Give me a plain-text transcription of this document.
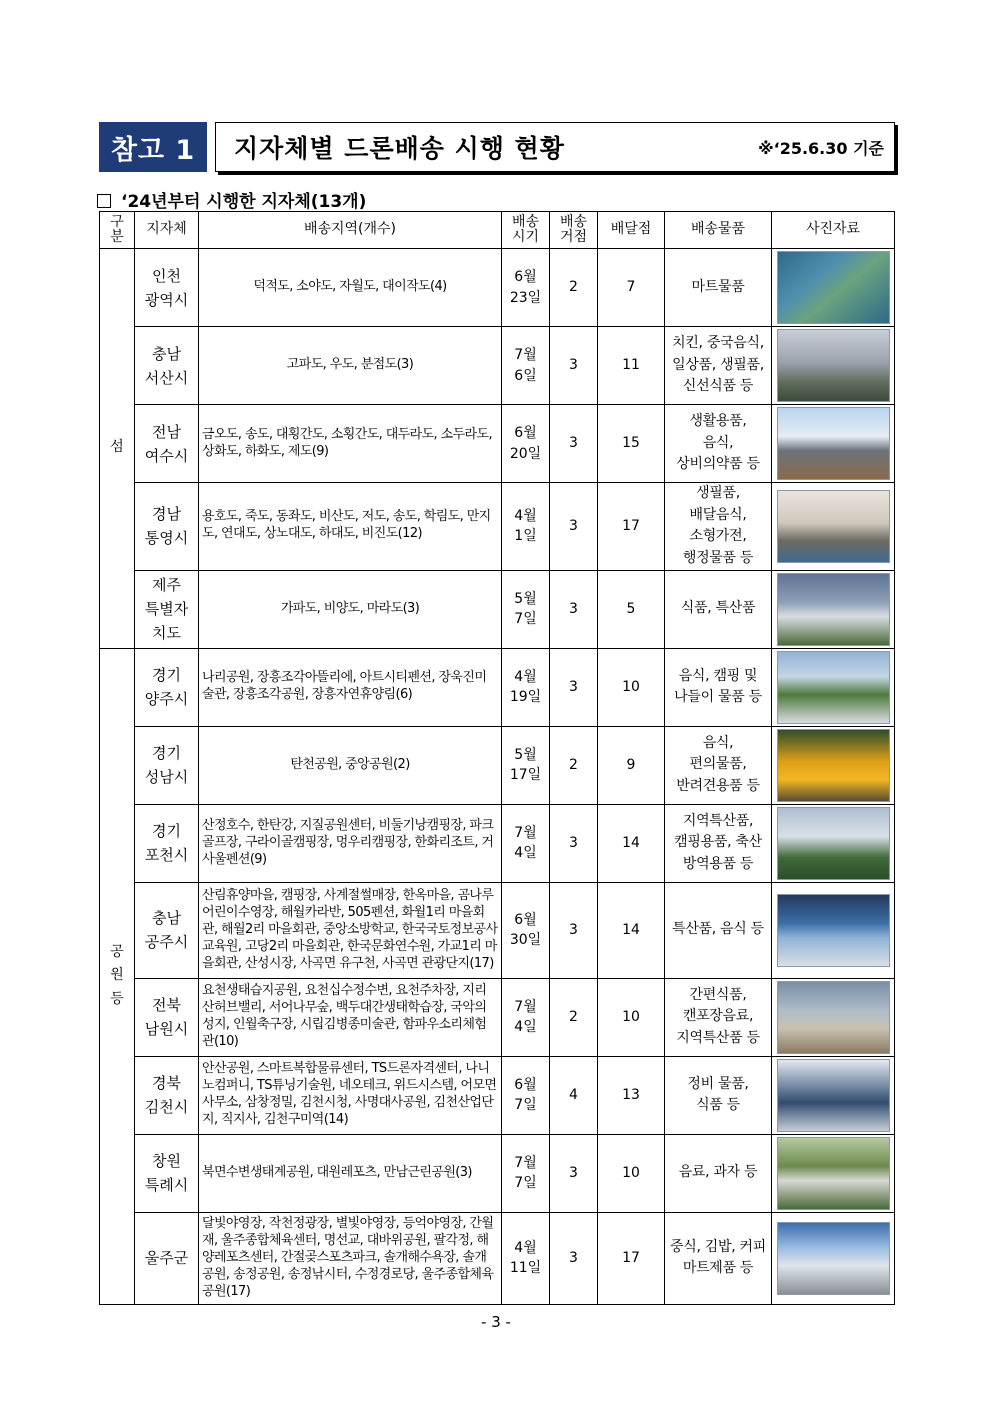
참고 1	지자체별 드론배송 시행 현황	※‘25.6.30 기준
‘24년부터 시행한 지자체(13개)
구
분	지자체	배송지역(개수)	배송
시기	배송
거점	배달점	배송물품	사진자료
섬	인천
광역시	덕적도, 소야도, 자월도, 대이작도(4)	6월
23일	2	7	마트물품	

	충남
서산시	고파도, 우도, 분점도(3)	7월
6일	3	11	치킨, 중국음식,
일상품, 생필품,
신선식품 등	

	전남
여수시	금오도, 송도, 대횡간도, 소횡간도, 대두라도, 소두라도, 상화도, 하화도, 제도(9)	6월
20일	3	15	생활용품,
음식,
상비의약품 등	

	경남
통영시	용호도, 죽도, 동좌도, 비산도, 저도, 송도, 학림도, 만지도, 연대도, 상노대도, 하대도, 비진도(12)	4월
1일	3	17	생필품,
배달음식,
소형가전,
행정물품 등	

	제주
특별자
치도	가파도, 비양도, 마라도(3)	5월
7일	3	5	식품, 특산품	

공
원
등	경기
양주시	나리공원, 장흥조각아뜰리에, 아트시티펜션, 장욱진미술관, 장흥조각공원, 장흥자연휴양림(6)	4월
19일	3	10	음식, 캠핑 및
나들이 물품 등	

	경기
성남시	탄천공원, 중앙공원(2)	5월
17일	2	9	음식,
편의물품,
반려견용품 등	

	경기
포천시	산정호수, 한탄강, 지질공원센터, 비둘기낭캠핑장, 파크골프장, 구라이골캠핑장, 멍우리캠핑장, 한화리조트, 거사울펜션(9)	7월
4일	3	14	지역특산품,
캠핑용품, 축산
방역용품 등	

	충남
공주시	산림휴양마을, 캠핑장, 사계절썰매장, 한옥마을, 곰나루 어린이수영장, 해월카라반, 505펜션, 화월1리 마을회관, 해월2리 마을회관, 중앙소방학교, 한국국토정보공사교육원, 고당2리 마을회관, 한국문화연수원, 가교1리 마을회관, 산성시장, 사곡면 유구천, 사곡면 관광단지(17)	6월
30일	3	14	특산품, 음식 등	

	전북
남원시	요천생태습지공원, 요천십수정수변, 요천주차장, 지리산허브밸리, 서어나무숲, 백두대간생태학습장, 국악의성지, 인월축구장, 시립김병종미술관, 함파우소리체험관(10)	7월
4일	2	10	간편식품,
캔포장음료,
지역특산품 등	

	경북
김천시	안산공원, 스마트복합물류센터, TS드론자격센터, 나니노컴퍼니, TS튜닝기술원, 네오테크, 위드시스템, 어모면사무소, 삼창정밀, 김천시청, 사명대사공원, 김천산업단지, 직지사, 김천구미역(14)	6월
7일	4	13	정비 물품,
식품 등	

	창원
특례시	북면수변생태계공원, 대원레포츠, 만남근린공원(3)	7월
7일	3	10	음료, 과자 등	

	울주군	달빛야영장, 작천정광장, 별빛야영장, 등억야영장, 간월재, 울주종합체육센터, 명선교, 대바위공원, 팔각정, 해양레포츠센터, 간절곶스포츠파크, 솔개해수욕장, 솔개공원, 송정공원, 송정낚시터, 수정경로당, 울주종합체육공원(17)	4월
11일	3	17	중식, 김밥, 커피
마트제품 등	
- 3 -
